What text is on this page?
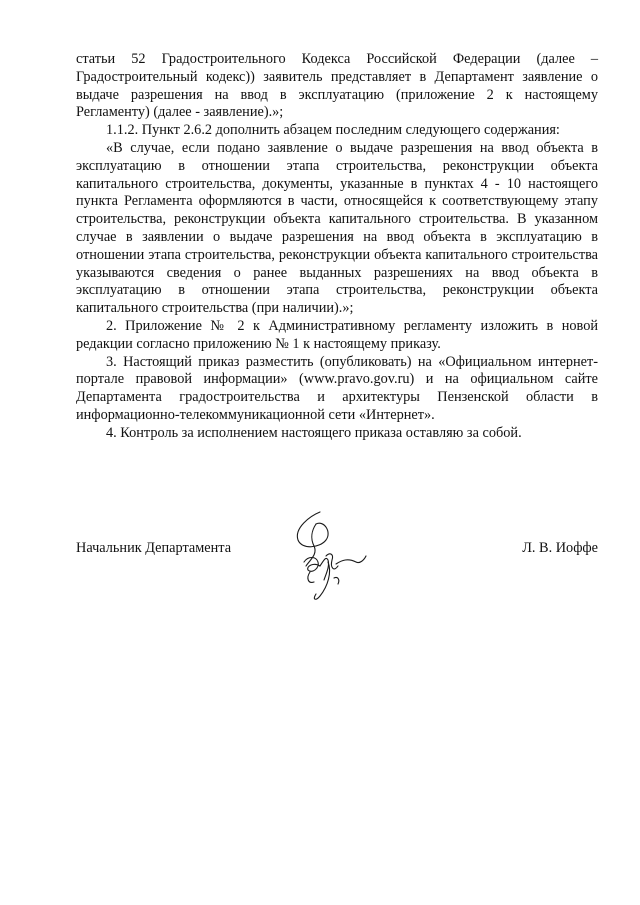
статьи 52 Градостроительного Кодекса Российской Федерации (далее – Градостроительный кодекс)) заявитель представляет в Департамент заявление о выдаче разрешения на ввод в эксплуатацию (приложение 2 к настоящему Регламенту) (далее - заявление).»;

1.1.2. Пункт 2.6.2 дополнить абзацем последним следующего содержания:

«В случае, если подано заявление о выдаче разрешения на ввод объекта в эксплуатацию в отношении этапа строительства, реконструкции объекта капитального строительства, документы, указанные в пунктах 4 - 10 настоящего пункта Регламента оформляются в части, относящейся к соответствующему этапу строительства, реконструкции объекта капитального строительства. В указанном случае в заявлении о выдаче разрешения на ввод объекта в эксплуатацию в отношении этапа строительства, реконструкции объекта капитального строительства указываются сведения о ранее выданных разрешениях на ввод объекта в эксплуатацию в отношении этапа строительства, реконструкции объекта капитального строительства (при наличии).»;

2. Приложение № 2 к Административному регламенту изложить в новой редакции согласно приложению № 1 к настоящему приказу.

3. Настоящий приказ разместить (опубликовать) на «Официальном интернет-портале правовой информации» (www.pravo.gov.ru) и на официальном сайте Департамента градостроительства и архитектуры Пензенской области в информационно-телекоммуникационной сети «Интернет».

4. Контроль за исполнением настоящего приказа оставляю за собой.

Начальник Департамента	Л. В. Иоффе
